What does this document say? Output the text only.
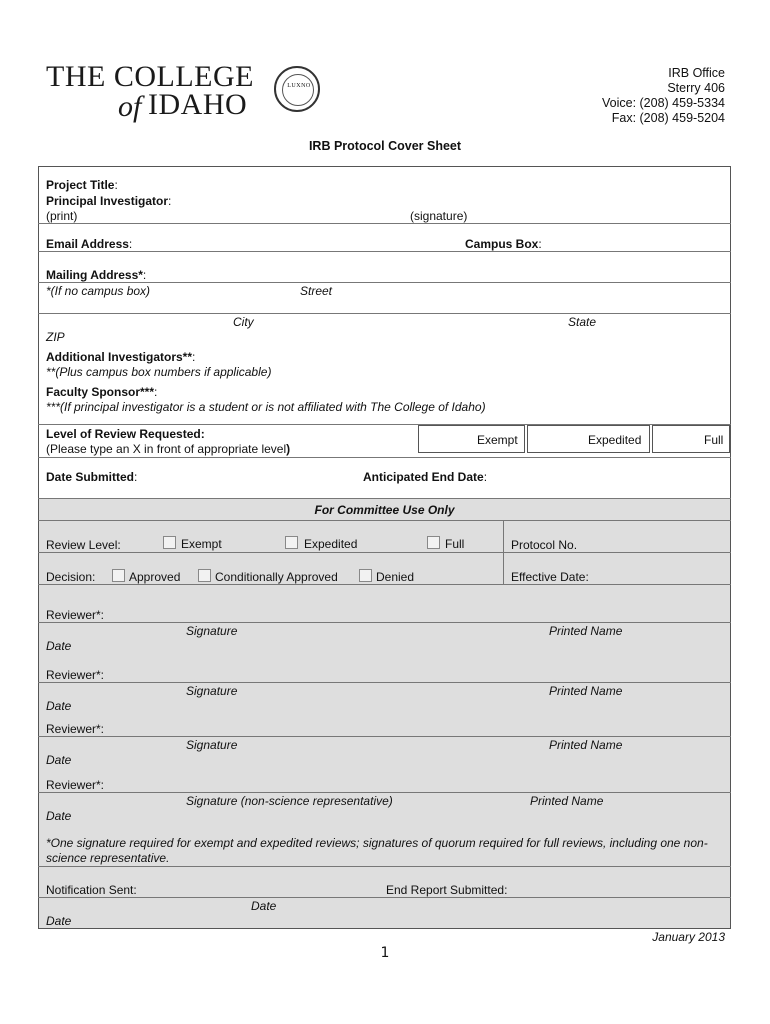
THE COLLEGE
of IDAHO
LUXNO
IRB Office
Sterry 406
Voice: (208) 459-5334
Fax: (208) 459-5204
IRB Protocol Cover Sheet
Project Title:
Principal Investigator:
(print)	(signature)
Email Address:	Campus Box:
Mailing Address*:
*(If no campus box)	Street
City	State
ZIP
Additional Investigators**:
**(Plus campus box numbers if applicable)
Faculty Sponsor***:
***(If principal investigator is a student or is not affiliated with The College of Idaho)
Level of Review Requested:
(Please type an X in front of appropriate level)
Exempt	Expedited	Full
Date Submitted:	Anticipated End Date:
For Committee Use Only
Review Level:	Exempt	Expedited	Full	Protocol No.
Decision:	Approved	Conditionally Approved	Denied	Effective Date:
Reviewer*:
Signature	Printed Name
Date
Reviewer*:
Signature	Printed Name
Date
Reviewer*:
Signature	Printed Name
Date
Reviewer*:
Signature (non-science representative)	Printed Name
Date
*One signature required for exempt and expedited reviews; signatures of quorum required for full reviews, including one non-science representative.
Notification Sent:	End Report Submitted:
Date
Date
January 2013
1
